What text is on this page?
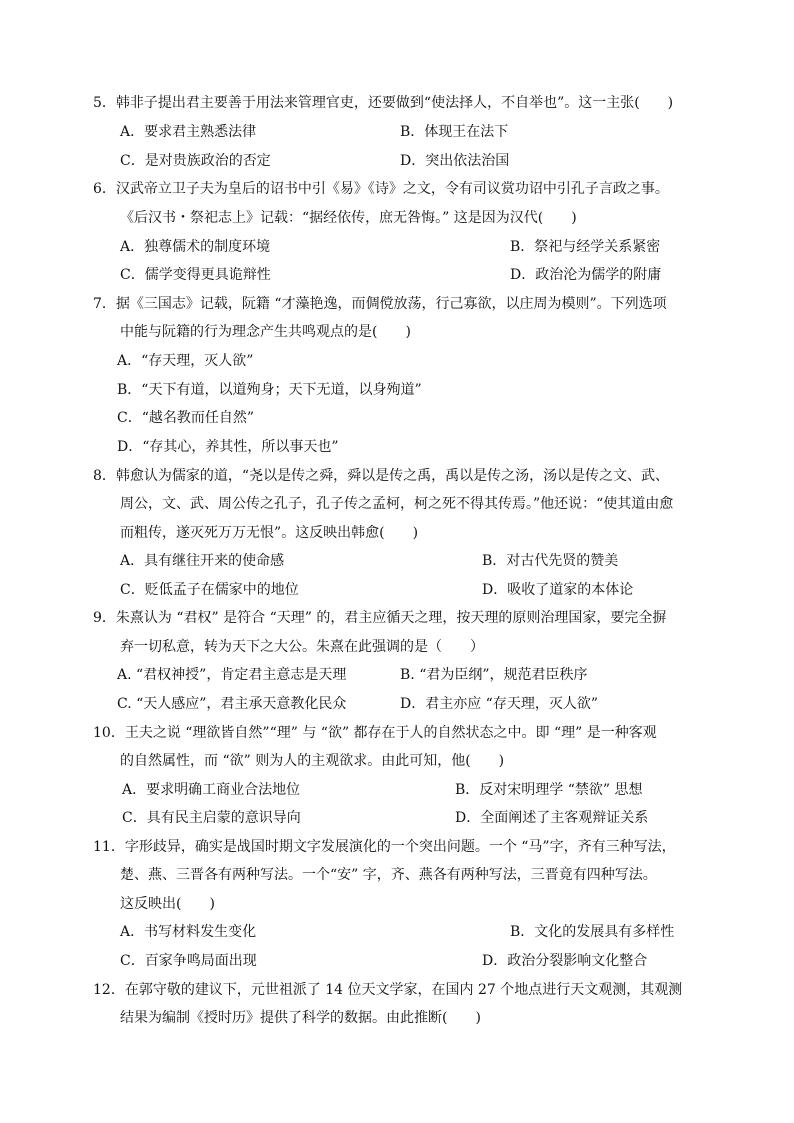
5．韩非子提出君主要善于用法来管理官吏，还要做到“使法择人，不自举也”。这一主张(　　)
A．要求君主熟悉法律	B．体现王在法下
C．是对贵族政治的否定	D．突出依法治国
6．汉武帝立卫子夫为皇后的诏书中引《易》《诗》之文，令有司议赏功诏中引孔子言政之事。
《后汉书・祭祀志上》记载：“据经依传，庶无咎悔。” 这是因为汉代(　　)
A．独尊儒术的制度环境	B．祭祀与经学关系紧密
C．儒学变得更具诡辩性	D．政治沦为儒学的附庸
7．据《三国志》记载，阮籍 “才藻艳逸，而倜傥放荡，行己寡欲，以庄周为模则”。下列选项
中能与阮籍的行为理念产生共鸣观点的是(　　)
A．“存天理，灭人欲”
B．“天下有道，以道殉身；天下无道，以身殉道”
C．“越名教而任自然”
D．“存其心，养其性，所以事天也”
8．韩愈认为儒家的道，“尧以是传之舜，舜以是传之禹，禹以是传之汤，汤以是传之文、武、
周公，文、武、周公传之孔子，孔子传之孟柯，柯之死不得其传焉。”他还说：“使其道由愈
而粗传，遂灭死万万无恨”。这反映出韩愈(　　)
A．具有继往开来的使命感	B．对古代先贤的赞美
C．贬低孟子在儒家中的地位	D．吸收了道家的本体论
9．朱熹认为 “君权” 是符合 “天理” 的，君主应循天之理，按天理的原则治理国家，要完全摒
弃一切私意，转为天下之大公。朱熹在此强调的是（　　）
A. “君权神授”，肯定君主意志是天理	B. “君为臣纲”，规范君臣秩序
C. “天人感应”，君主承天意教化民众	D．君主亦应 “存天理，灭人欲”
10．王夫之说 “理欲皆自然”“理” 与 “欲” 都存在于人的自然状态之中。即 “理” 是一种客观
的自然属性，而 “欲” 则为人的主观欲求。由此可知，他(　　)
A．要求明确工商业合法地位	B．反对宋明理学 “禁欲” 思想
C．具有民主启蒙的意识导向	D．全面阐述了主客观辩证关系
11．字形歧异，确实是战国时期文字发展演化的一个突出问题。一个 “马”字，齐有三种写法，
楚、燕、三晋各有两种写法。一个“安” 字，齐、燕各有两种写法，三晋竟有四种写法。
这反映出(　　)
A．书写材料发生变化	B．文化的发展具有多样性
C．百家争鸣局面出现	D．政治分裂影响文化整合
12．在郭守敬的建议下，元世祖派了 14 位天文学家，在国内 27 个地点进行天文观测，其观测
结果为编制《授时历》提供了科学的数据。由此推断(　　)
